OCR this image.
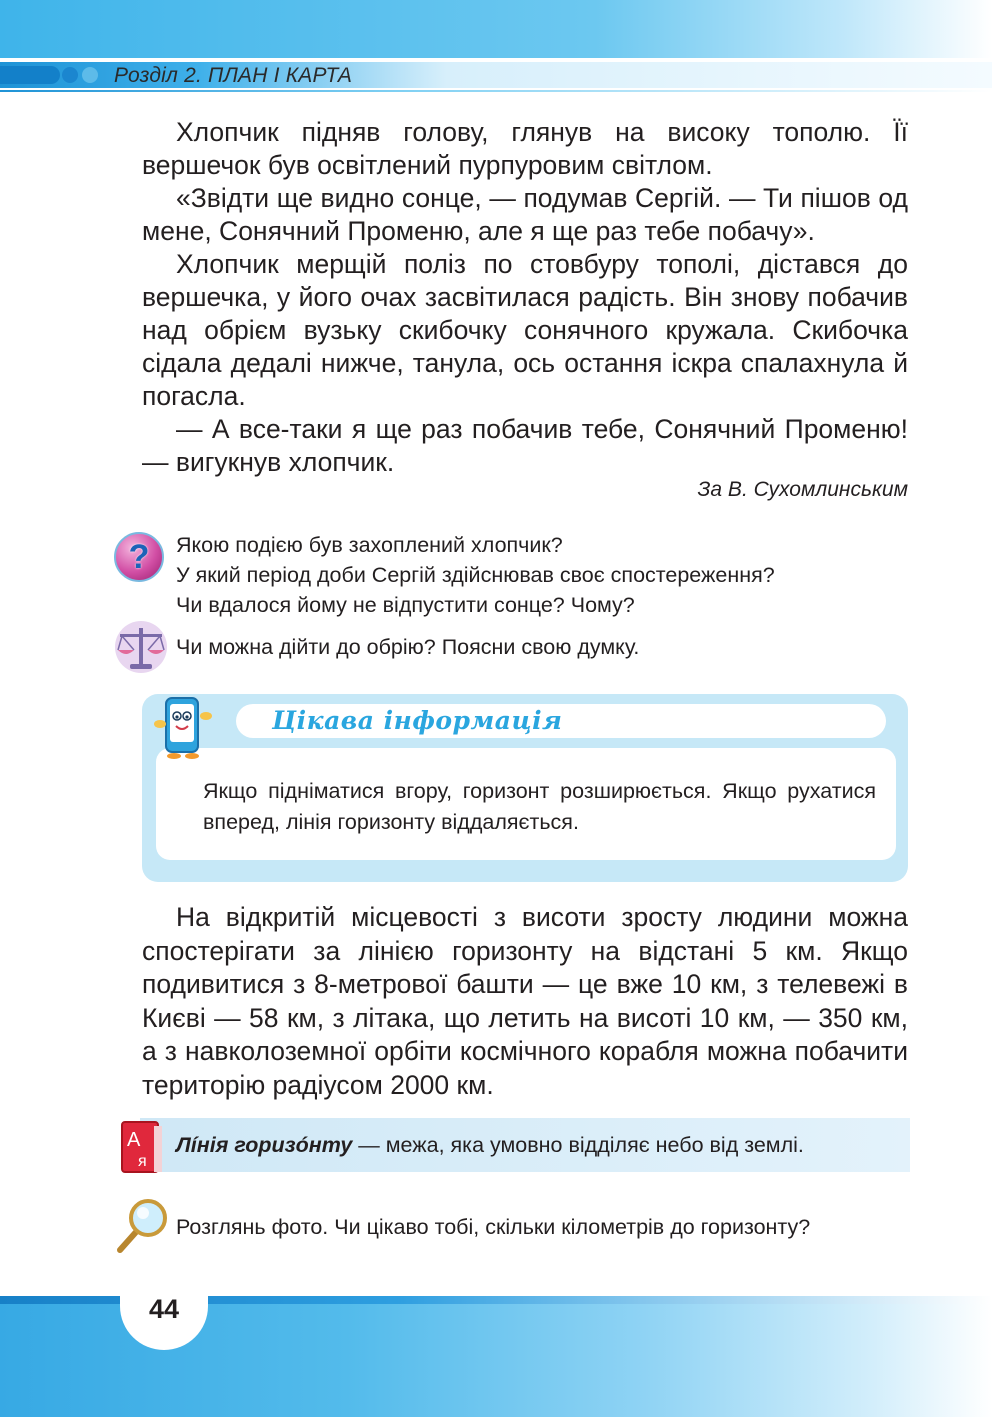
Розділ 2. ПЛАН І КАРТА

Хлопчик підняв голову, глянув на високу тополю. Її вершечок був освітлений пурпуровим світлом.

«Звідти ще видно сонце, — подумав Сергій. — Ти пішов од мене, Сонячний Променю, але я ще раз тебе побачу».

Хлопчик мерщій поліз по стовбуру тополі, дістався до вершечка, у його очах засвітилася радість. Він знову побачив над обрієм вузьку скибочку сонячного кружала. Скибочка сідала дедалі нижче, танула, ось остання іскра спалахнула й погасла.

— А все-таки я ще раз побачив тебе, Сонячний Променю! — вигукнув хлопчик.

За В. Сухомлинським
? Якою подією був захоплений хлопчик?
У який період доби Сергій здійснював своє спостереження?
Чи вдалося йому не відпустити сонце? Чому?
Чи можна дійти до обрію? Поясни свою думку.
Цікава інформація
Якщо підніматися вгору, горизонт розширюється. Якщо рухатися вперед, лінія горизонту віддаляється.

На відкритій місцевості з висоти зросту людини можна спостерігати за лінією горизонту на відстані 5 км. Якщо подивитися з 8-метрової башти — це вже 10 км, з телевежі в Києві — 58 км, з літака, що летить на висоті 10 км, — 350 км, а з навколоземної орбіти космічного корабля можна побачити територію радіусом 2000 км.

А
я
Лíнія горизóнту — межа, яка умовно відділяє небо від землі.
Розглянь фото. Чи цікаво тобі, скільки кілометрів до горизонту?
44
